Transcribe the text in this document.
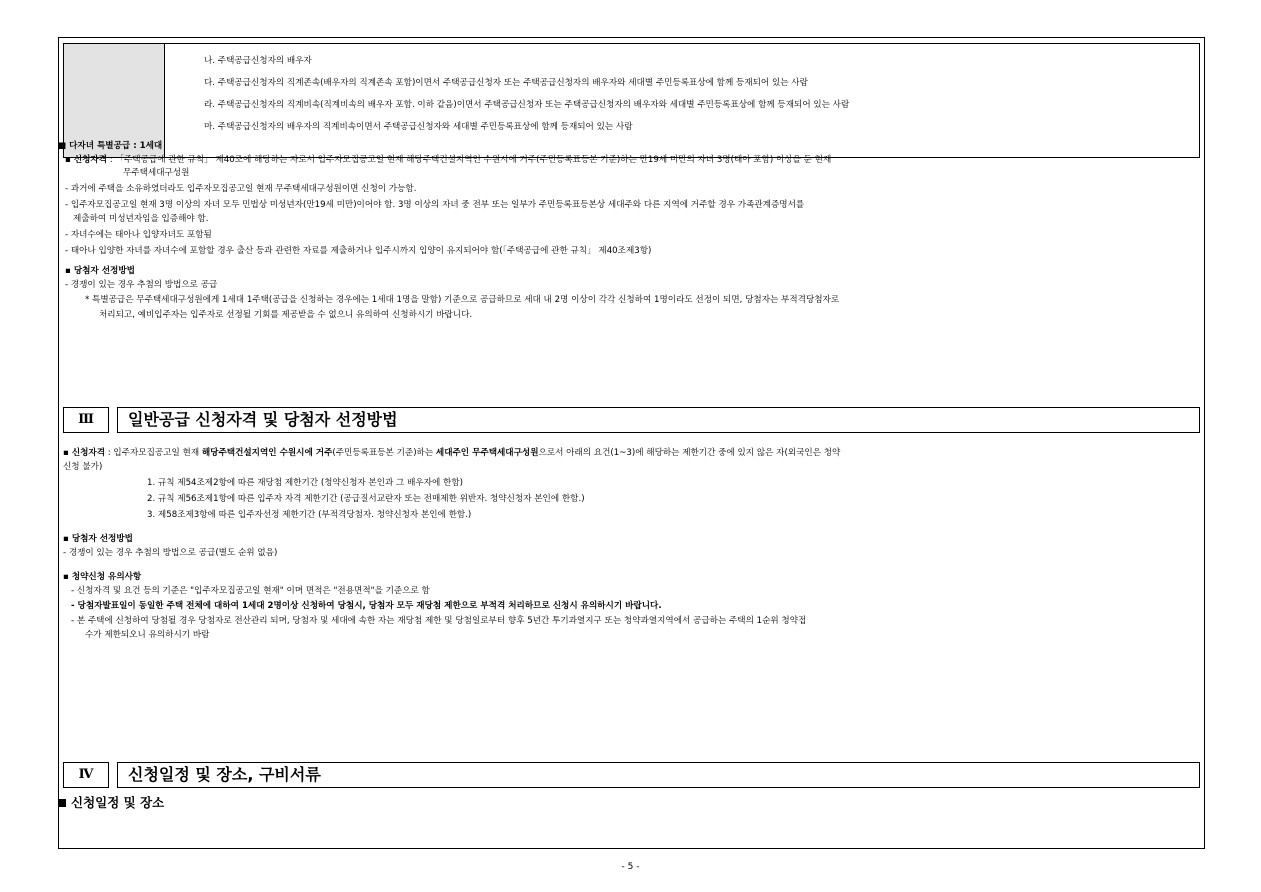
나. 주택공급신청자의 배우자
다. 주택공급신청자의 직계존속(배우자의 직계존속 포함)이면서 주택공급신청자 또는 주택공급신청자의 배우자와 세대별 주민등록표상에 함께 등재되어 있는 사람
라. 주택공급신청자의 직계비속(직계비속의 배우자 포함. 이하 같음)이면서 주택공급신청자 또는 주택공급신청자의 배우자와 세대별 주민등록표상에 함께 등재되어 있는 사람
마. 주택공급신청자의 배우자의 직계비속이면서 주택공급신청자와 세대별 주민등록표상에 함께 등재되어 있는 사람
■ 다자녀 특별공급 : 1세대
▪ 신청자격 : 「주택공급에 관한 규칙」 제40조에 해당하는 자로서 입주자모집공고일 현재 해당주택건설지역인 수원시에 거주(주민등록표등본 기준)하는 만19세 미만의 자녀 3명(태아 포함) 이상을 둔 현재
무주택세대구성원
- 과거에 주택을 소유하였더라도 입주자모집공고일 현재 무주택세대구성원이면 신청이 가능함.
- 입주자모집공고일 현재 3명 이상의 자녀 모두 민법상 미성년자(만19세 미만)이어야 함. 3명 이상의 자녀 중 전부 또는 일부가 주민등록표등본상 세대주와 다른 지역에 거주할 경우 가족관계증명서를
제출하여 미성년자임을 입증해야 함.
- 자녀수에는 태아나 입양자녀도 포함됨
- 태아나 입양한 자녀를 자녀수에 포함할 경우 출산 등과 관련한 자료를 제출하거나 입주시까지 입양이 유지되어야 함(「주택공급에 관한 규칙」 제40조제3항)
▪ 당첨자 선정방법
- 경쟁이 있는 경우 추첨의 방법으로 공급
* 특별공급은 무주택세대구성원에게 1세대 1주택(공급을 신청하는 경우에는 1세대 1명을 말함) 기준으로 공급하므로 세대 내 2명 이상이 각각 신청하여 1명이라도 선정이 되면, 당첨자는 부적격당첨자로
처리되고, 예비입주자는 입주자로 선정될 기회를 제공받을 수 없으니 유의하여 신청하시기 바랍니다.
Ⅲ	일반공급 신청자격 및 당첨자 선정방법
▪ 신청자격 : 입주자모집공고일 현재 해당주택건설지역인 수원시에 거주(주민등록표등본 기준)하는 세대주인 무주택세대구성원으로서 아래의 요건(1~3)에 해당하는 제한기간 중에 있지 않은 자(외국인은 청약
신청 불가)
1. 규칙 제54조제2항에 따른 재당첨 제한기간 (청약신청자 본인과 그 배우자에 한함)
2. 규칙 제56조제1항에 따른 입주자 자격 제한기간 (공급질서교란자 또는 전매제한 위반자. 청약신청자 본인에 한함.)
3. 제58조제3항에 따른 입주자선정 제한기간 (부적격당첨자. 청약신청자 본인에 한함.)
▪ 당첨자 선정방법
- 경쟁이 있는 경우 추첨의 방법으로 공급(별도 순위 없음)
▪ 청약신청 유의사항
- 신청자격 및 요건 등의 기준은 "입주자모집공고일 현재" 이며 면적은 "전용면적"을 기준으로 함
- 당첨자발표일이 동일한 주택 전체에 대하여 1세대 2명이상 신청하여 당첨시, 당첨자 모두 재당첨 제한으로 부적격 처리하므로 신청시 유의하시기 바랍니다.
- 본 주택에 신청하여 당첨될 경우 당첨자로 전산관리 되며, 당첨자 및 세대에 속한 자는 재당첨 제한 및 당첨일로부터 향후 5년간 투기과열지구 또는 청약과열지역에서 공급하는 주택의 1순위 청약접
수가 제한되오니 유의하시기 바람
Ⅳ	신청일정 및 장소, 구비서류
신청일정 및 장소
- 5 -
